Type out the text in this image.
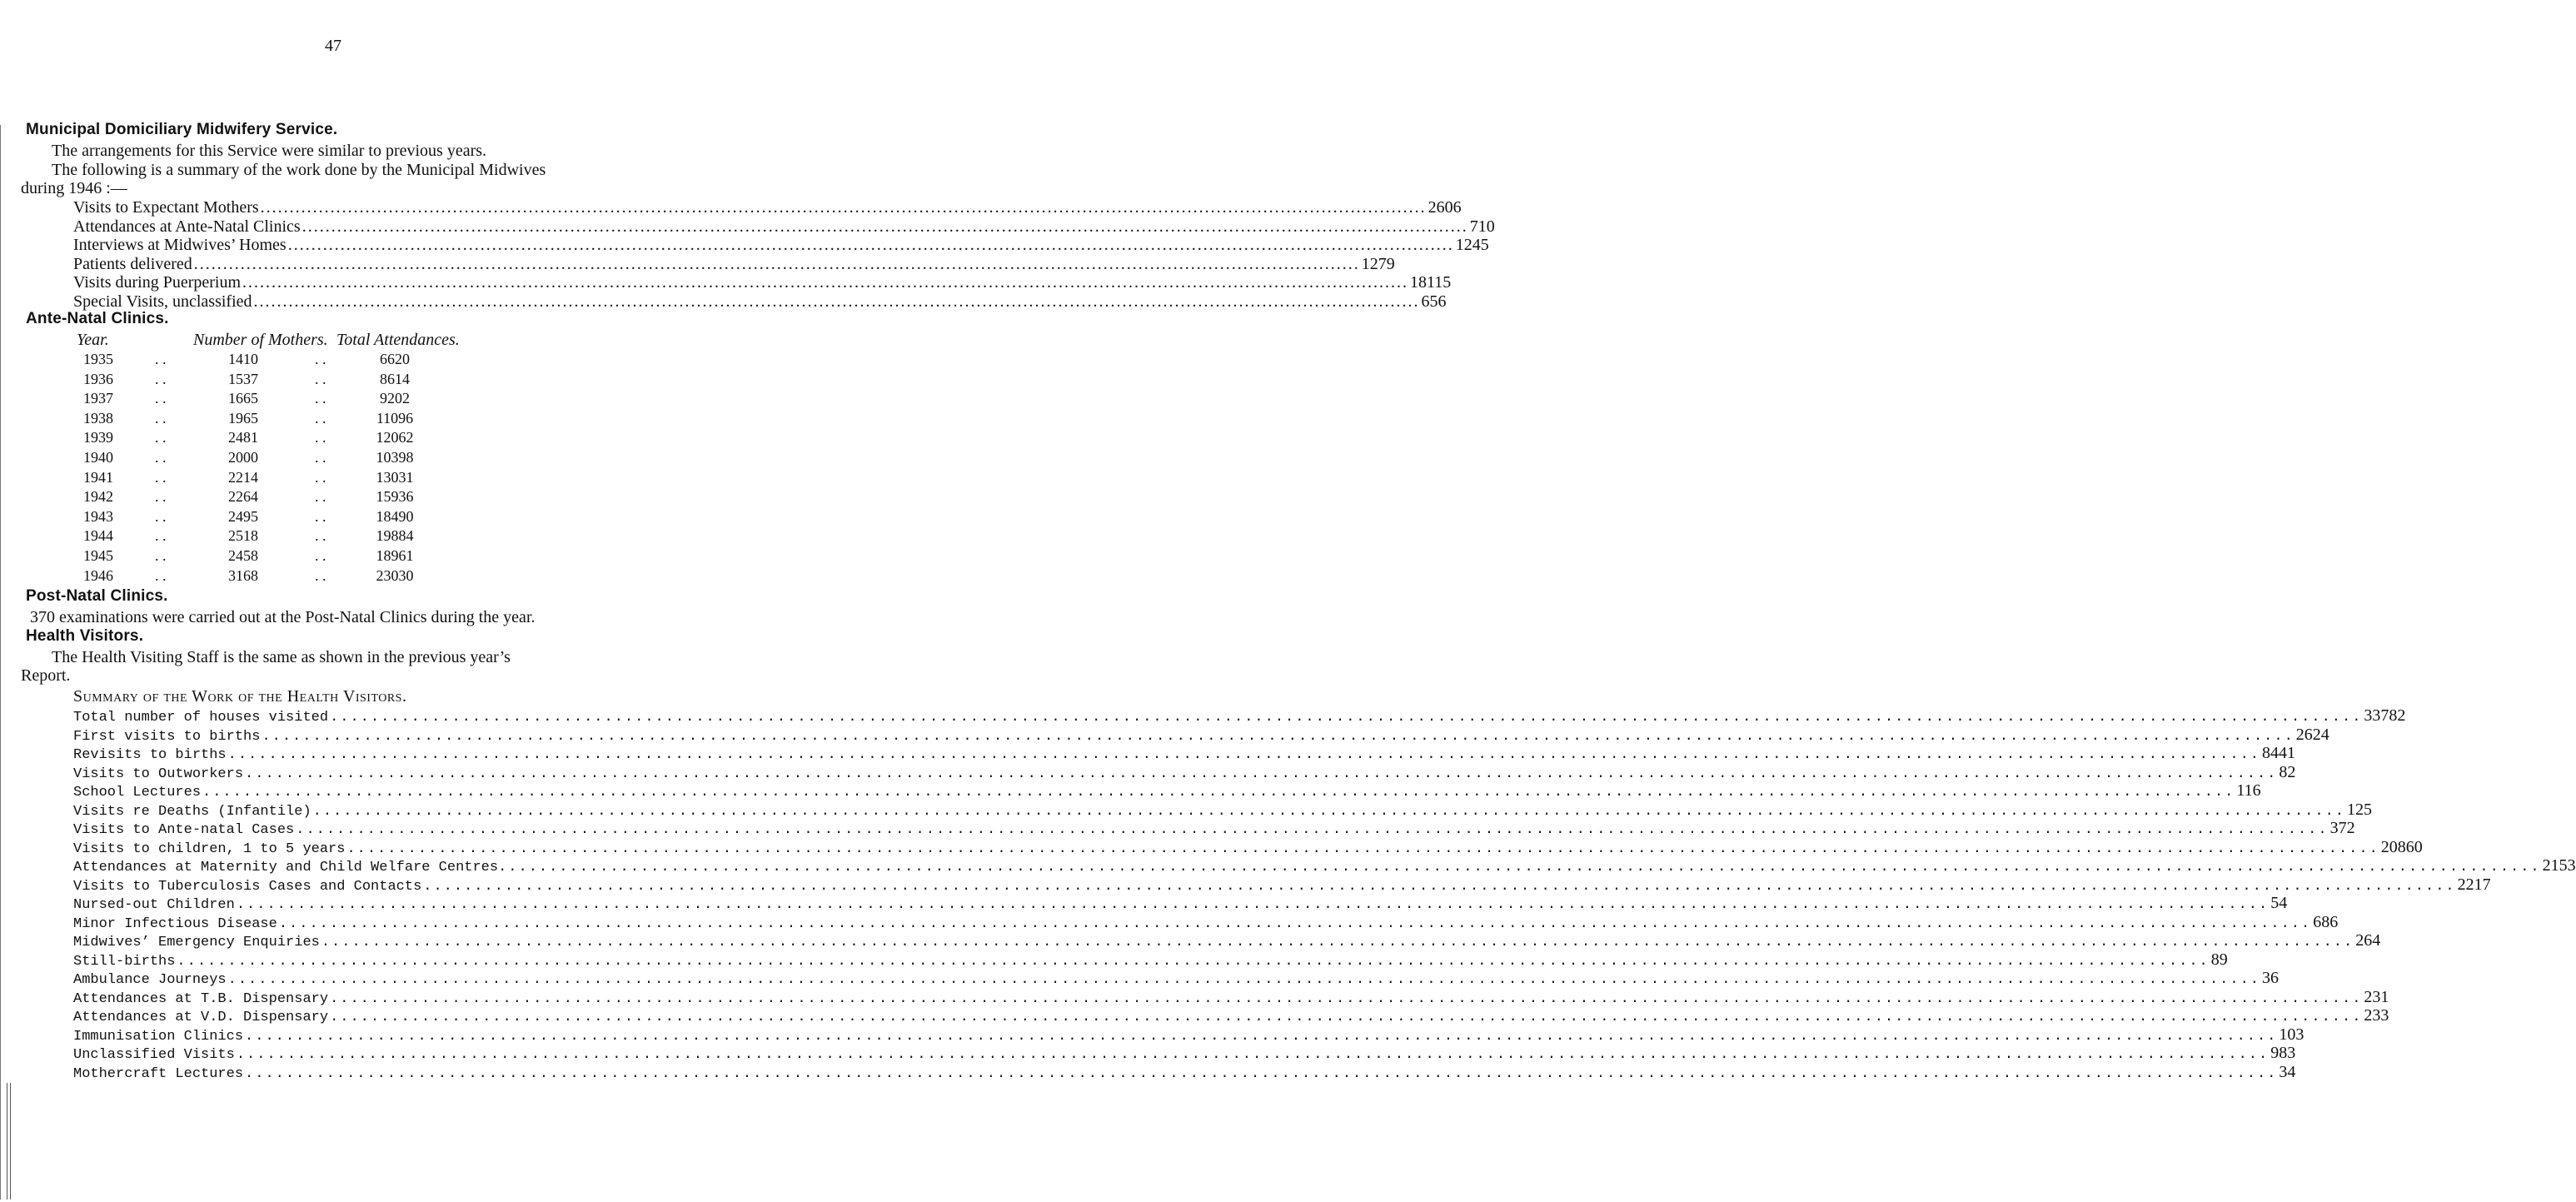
47
Municipal Domiciliary Midwifery Service.
The arrangements for this Service were similar to previous years.
The following is a summary of the work done by the Municipal Midwives
during 1946 :—
Visits to Expectant Mothers ........................................................................................................................................................................................................ 2606
Attendances at Ante-Natal Clinics ........................................................................................................................................................................................................ 710
Interviews at Midwives’ Homes ........................................................................................................................................................................................................ 1245
Patients delivered ........................................................................................................................................................................................................ 1279
Visits during Puerperium ........................................................................................................................................................................................................ 18115
Special Visits, unclassified ........................................................................................................................................................................................................ 656
Ante-Natal Clinics.
Year.	Number of Mothers. Total Attendances.
1935	. .	1410	. .	6620
1936	. .	1537	. .	8614
1937	. .	1665	. .	9202
1938	. .	1965	. .	11096
1939	. .	2481	. .	12062
1940	. .	2000	. .	10398
1941	. .	2214	. .	13031
1942	. .	2264	. .	15936
1943	. .	2495	. .	18490
1944	. .	2518	. .	19884
1945	. .	2458	. .	18961
1946	. .	3168	. .	23030
Post-Natal Clinics.
370 examinations were carried out at the Post-Natal Clinics during the year.
Health Visitors.
The Health Visiting Staff is the same as shown in the previous year’s
Report.
Summary of the Work of the Health Visitors.
Total number of houses visited ........................................................................................................................................................................................................ 33782
First visits to births ........................................................................................................................................................................................................ 2624
Revisits to births ........................................................................................................................................................................................................ 8441
Visits to Outworkers ........................................................................................................................................................................................................ 82
School Lectures ........................................................................................................................................................................................................ 116
Visits re Deaths (Infantile) ........................................................................................................................................................................................................ 125
Visits to Ante-natal Cases ........................................................................................................................................................................................................ 372
Visits to children, 1 to 5 years ........................................................................................................................................................................................................ 20860
Attendances at Maternity and Child Welfare Centres. ........................................................................................................................................................................................................ 2153
Visits to Tuberculosis Cases and Contacts ........................................................................................................................................................................................................ 2217
Nursed-out Children ........................................................................................................................................................................................................ 54
Minor Infectious Disease ........................................................................................................................................................................................................ 686
Midwives’ Emergency Enquiries ........................................................................................................................................................................................................ 264
Still-births ........................................................................................................................................................................................................ 89
Ambulance Journeys ........................................................................................................................................................................................................ 36
Attendances at T.B. Dispensary ........................................................................................................................................................................................................ 231
Attendances at V.D. Dispensary ........................................................................................................................................................................................................ 233
Immunisation Clinics ........................................................................................................................................................................................................ 103
Unclassified Visits ........................................................................................................................................................................................................ 983
Mothercraft Lectures ........................................................................................................................................................................................................ 34
